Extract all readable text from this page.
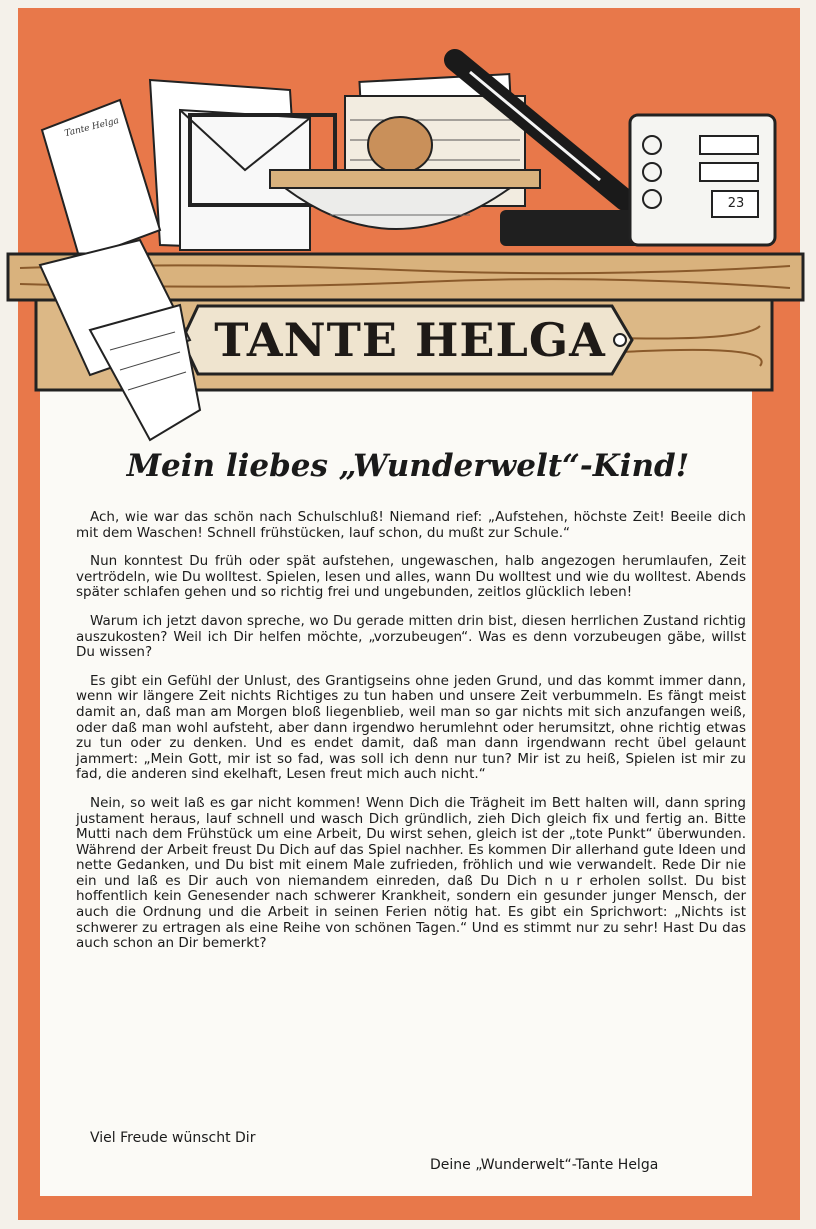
TANTE HELGA
23
Tante Helga
Mein liebes „Wunderwelt“-Kind!

Ach, wie war das schön nach Schulschluß! Niemand rief: „Aufstehen, höchste Zeit! Beeile dich mit dem Waschen! Schnell frühstücken, lauf schon, du mußt zur Schule.“

Nun konntest Du früh oder spät aufstehen, ungewaschen, halb angezogen herumlaufen, Zeit vertrödeln, wie Du wolltest. Spielen, lesen und alles, wann Du wolltest und wie du wolltest. Abends später schlafen gehen und so richtig frei und ungebunden, zeitlos glücklich leben!

Warum ich jetzt davon spreche, wo Du gerade mitten drin bist, diesen herrlichen Zustand richtig auszukosten? Weil ich Dir helfen möchte, „vorzubeugen“. Was es denn vorzubeugen gäbe, willst Du wissen?

Es gibt ein Gefühl der Unlust, des Grantigseins ohne jeden Grund, und das kommt immer dann, wenn wir längere Zeit nichts Richtiges zu tun haben und unsere Zeit verbummeln. Es fängt meist damit an, daß man am Morgen bloß liegenblieb, weil man so gar nichts mit sich anzufangen weiß, oder daß man wohl aufsteht, aber dann irgendwo herumlehnt oder herumsitzt, ohne richtig etwas zu tun oder zu denken. Und es endet damit, daß man dann irgendwann recht übel gelaunt jammert: „Mein Gott, mir ist so fad, was soll ich denn nur tun? Mir ist zu heiß, Spielen ist mir zu fad, die anderen sind ekelhaft, Lesen freut mich auch nicht.“

Nein, so weit laß es gar nicht kommen! Wenn Dich die Trägheit im Bett halten will, dann spring justament heraus, lauf schnell und wasch Dich gründlich, zieh Dich gleich fix und fertig an. Bitte Mutti nach dem Frühstück um eine Arbeit, Du wirst sehen, gleich ist der „tote Punkt“ überwunden. Während der Arbeit freust Du Dich auf das Spiel nachher. Es kommen Dir allerhand gute Ideen und nette Gedanken, und Du bist mit einem Male zufrieden, fröhlich und wie verwandelt. Rede Dir nie ein und laß es Dir auch von niemandem einreden, daß Du Dich n u r erholen sollst. Du bist hoffentlich kein Genesender nach schwerer Krankheit, sondern ein gesunder junger Mensch, der auch die Ordnung und die Arbeit in seinen Ferien nötig hat. Es gibt ein Sprichwort: „Nichts ist schwerer zu ertragen als eine Reihe von schönen Tagen.“ Und es stimmt nur zu sehr! Hast Du das auch schon an Dir bemerkt?

Viel Freude wünscht Dir
Deine „Wunderwelt“-Tante Helga
